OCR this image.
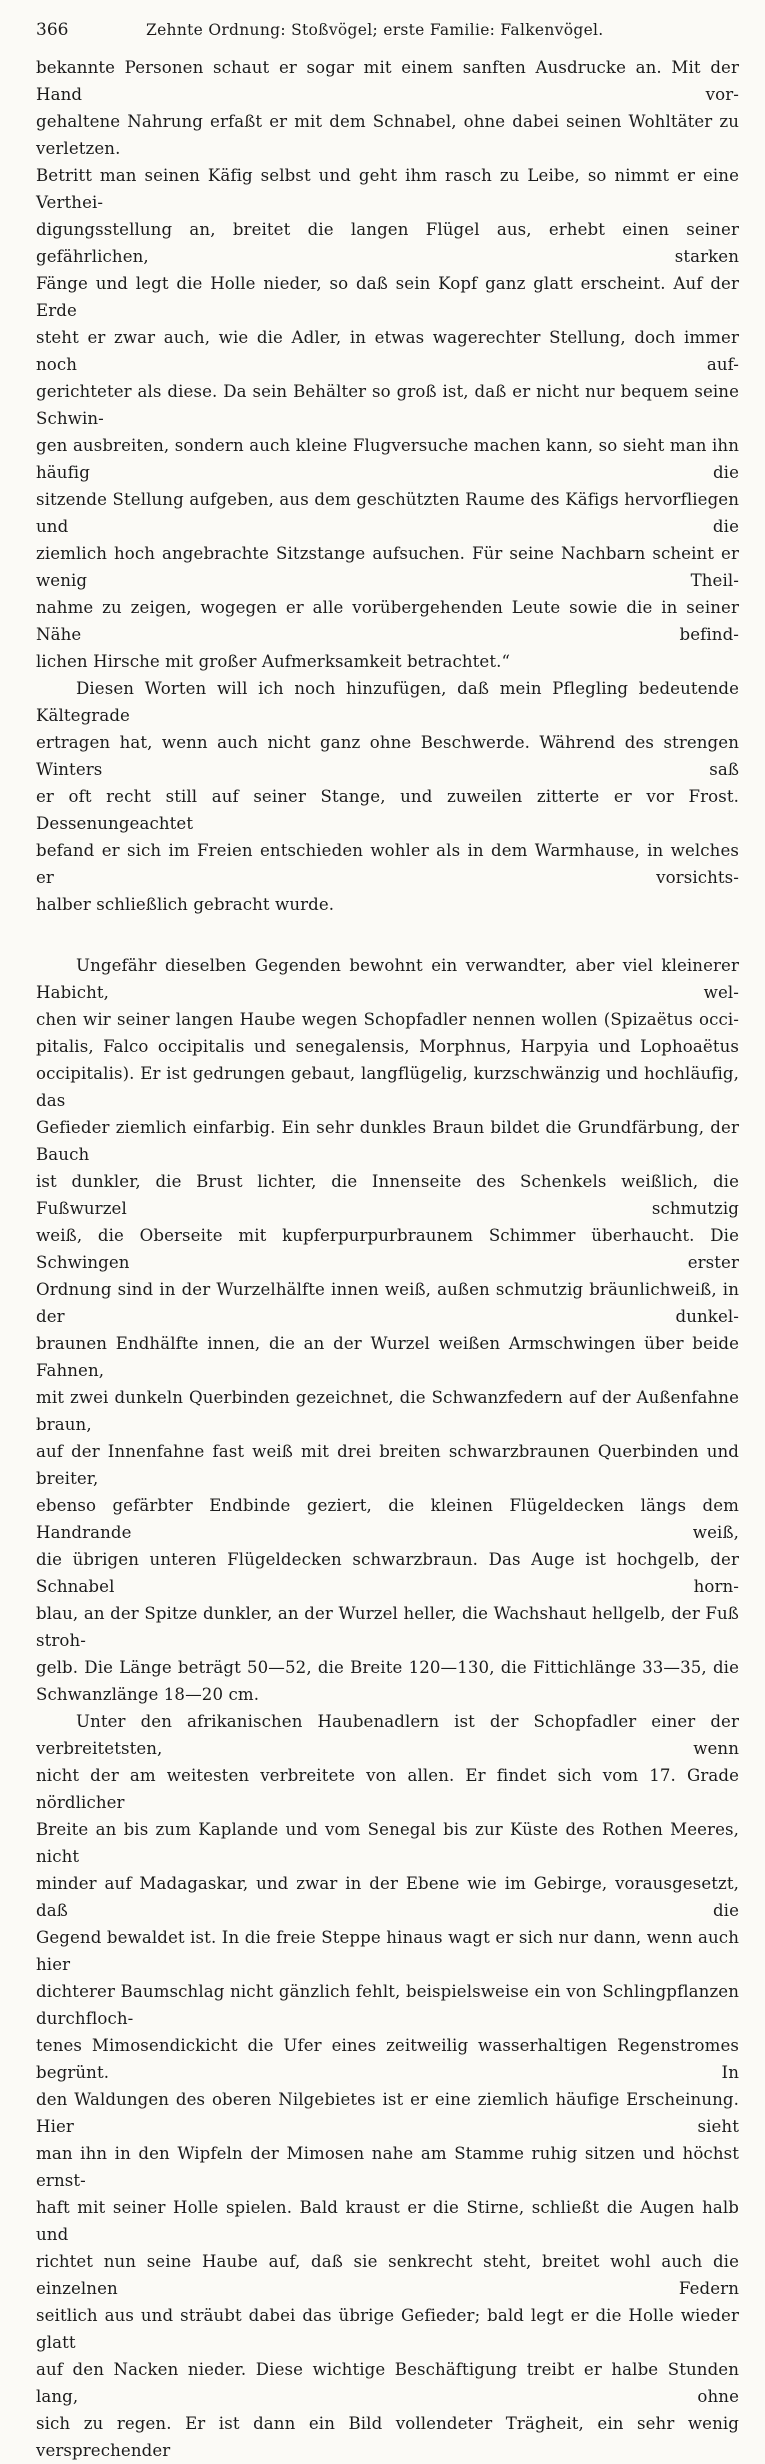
366	Zehnte Ordnung: Stoßvögel; erste Familie: Falkenvögel.

bekannte Personen schaut er sogar mit einem sanften Ausdrucke an. Mit der Hand vor-

gehaltene Nahrung erfaßt er mit dem Schnabel, ohne dabei seinen Wohltäter zu verletzen.

Betritt man seinen Käfig selbst und geht ihm rasch zu Leibe, so nimmt er eine Verthei-

digungsstellung an, breitet die langen Flügel aus, erhebt einen seiner gefährlichen, starken

Fänge und legt die Holle nieder, so daß sein Kopf ganz glatt erscheint. Auf der Erde

steht er zwar auch, wie die Adler, in etwas wagerechter Stellung, doch immer noch auf-

gerichteter als diese. Da sein Behälter so groß ist, daß er nicht nur bequem seine Schwin-

gen ausbreiten, sondern auch kleine Flugversuche machen kann, so sieht man ihn häufig die

sitzende Stellung aufgeben, aus dem geschützten Raume des Käfigs hervorfliegen und die

ziemlich hoch angebrachte Sitzstange aufsuchen. Für seine Nachbarn scheint er wenig Theil-

nahme zu zeigen, wogegen er alle vorübergehenden Leute sowie die in seiner Nähe befind-

lichen Hirsche mit großer Aufmerksamkeit betrachtet.“

Diesen Worten will ich noch hinzufügen, daß mein Pflegling bedeutende Kältegrade

ertragen hat, wenn auch nicht ganz ohne Beschwerde. Während des strengen Winters saß

er oft recht still auf seiner Stange, und zuweilen zitterte er vor Frost. Dessenungeachtet

befand er sich im Freien entschieden wohler als in dem Warmhause, in welches er vorsichts-

halber schließlich gebracht wurde.

Ungefähr dieselben Gegenden bewohnt ein verwandter, aber viel kleinerer Habicht, wel-

chen wir seiner langen Haube wegen Schopfadler nennen wollen (Spizaëtus occi-

pitalis, Falco occipitalis und senegalensis, Morphnus, Harpyia und Lophoaëtus

occipitalis). Er ist gedrungen gebaut, langflügelig, kurzschwänzig und hochläufig, das

Gefieder ziemlich einfarbig. Ein sehr dunkles Braun bildet die Grundfärbung, der Bauch

ist dunkler, die Brust lichter, die Innenseite des Schenkels weißlich, die Fußwurzel schmutzig

weiß, die Oberseite mit kupferpurpurbraunem Schimmer überhaucht. Die Schwingen erster

Ordnung sind in der Wurzelhälfte innen weiß, außen schmutzig bräunlichweiß, in der dunkel-

braunen Endhälfte innen, die an der Wurzel weißen Armschwingen über beide Fahnen,

mit zwei dunkeln Querbinden gezeichnet, die Schwanzfedern auf der Außenfahne braun,

auf der Innenfahne fast weiß mit drei breiten schwarzbraunen Querbinden und breiter,

ebenso gefärbter Endbinde geziert, die kleinen Flügeldecken längs dem Handrande weiß,

die übrigen unteren Flügeldecken schwarzbraun. Das Auge ist hochgelb, der Schnabel horn-

blau, an der Spitze dunkler, an der Wurzel heller, die Wachshaut hellgelb, der Fuß stroh-

gelb. Die Länge beträgt 50—52, die Breite 120—130, die Fittichlänge 33—35, die

Schwanzlänge 18—20 cm.

Unter den afrikanischen Haubenadlern ist der Schopfadler einer der verbreitetsten, wenn

nicht der am weitesten verbreitete von allen. Er findet sich vom 17. Grade nördlicher

Breite an bis zum Kaplande und vom Senegal bis zur Küste des Rothen Meeres, nicht

minder auf Madagaskar, und zwar in der Ebene wie im Gebirge, vorausgesetzt, daß die

Gegend bewaldet ist. In die freie Steppe hinaus wagt er sich nur dann, wenn auch hier

dichterer Baumschlag nicht gänzlich fehlt, beispielsweise ein von Schlingpflanzen durchfloch-

tenes Mimosendickicht die Ufer eines zeitweilig wasserhaltigen Regenstromes begrünt. In

den Waldungen des oberen Nilgebietes ist er eine ziemlich häufige Erscheinung. Hier sieht

man ihn in den Wipfeln der Mimosen nahe am Stamme ruhig sitzen und höchst ernst-

haft mit seiner Holle spielen. Bald kraust er die Stirne, schließt die Augen halb und

richtet nun seine Haube auf, daß sie senkrecht steht, breitet wohl auch die einzelnen Federn

seitlich aus und sträubt dabei das übrige Gefieder; bald legt er die Holle wieder glatt

auf den Nacken nieder. Diese wichtige Beschäftigung treibt er halbe Stunden lang, ohne

sich zu regen. Er ist dann ein Bild vollendeter Trägheit, ein sehr wenig versprechender
